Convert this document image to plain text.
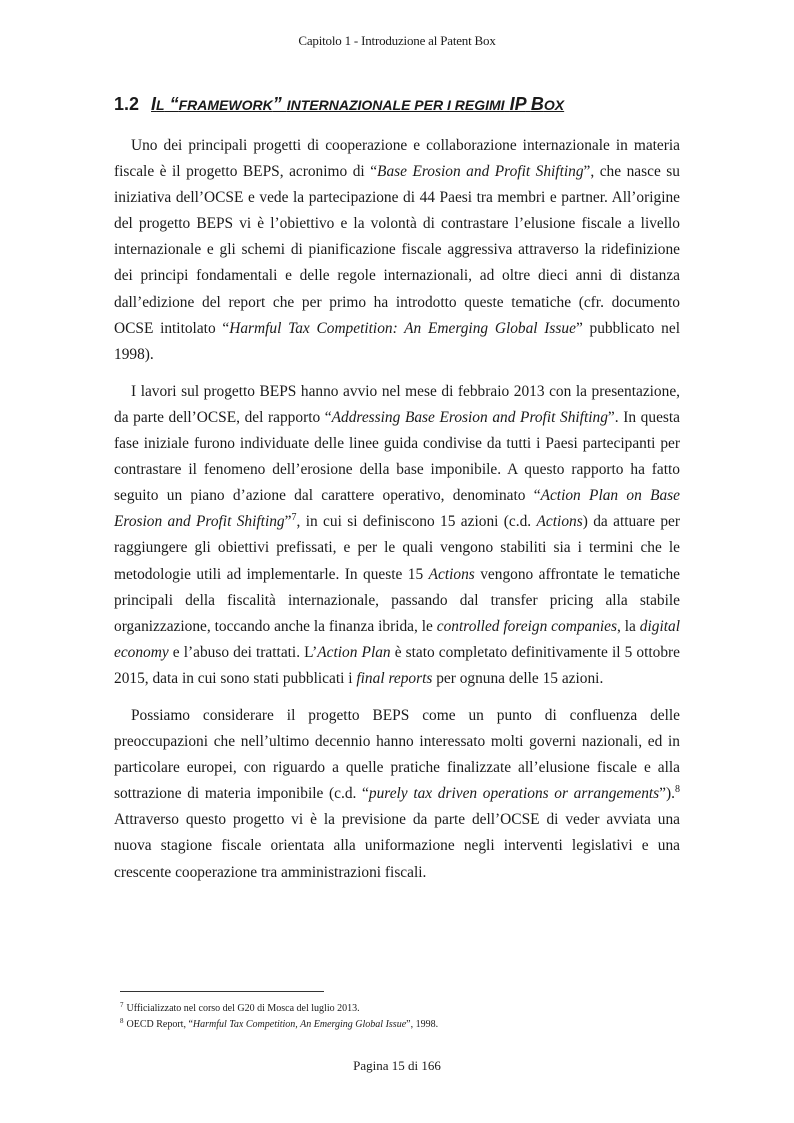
Capitolo 1 - Introduzione al Patent Box
1.2 IL “FRAMEWORK” INTERNAZIONALE PER I REGIMI IP BOX

Uno dei principali progetti di cooperazione e collaborazione internazionale in materia fiscale è il progetto BEPS, acronimo di “Base Erosion and Profit Shifting”, che nasce su iniziativa dell’OCSE e vede la partecipazione di 44 Paesi tra membri e partner. All’origine del progetto BEPS vi è l’obiettivo e la volontà di contrastare l’elusione fiscale a livello internazionale e gli schemi di pianificazione fiscale aggressiva attraverso la ridefinizione dei principi fondamentali e delle regole internazionali, ad oltre dieci anni di distanza dall’edizione del report che per primo ha introdotto queste tematiche (cfr. documento OCSE intitolato “Harmful Tax Competition: An Emerging Global Issue” pubblicato nel 1998).

I lavori sul progetto BEPS hanno avvio nel mese di febbraio 2013 con la presentazione, da parte dell’OCSE, del rapporto “Addressing Base Erosion and Profit Shifting”. In questa fase iniziale furono individuate delle linee guida condivise da tutti i Paesi partecipanti per contrastare il fenomeno dell’erosione della base imponibile. A questo rapporto ha fatto seguito un piano d’azione dal carattere operativo, denominato “Action Plan on Base Erosion and Profit Shifting”$^7$, in cui si definiscono 15 azioni (c.d. Actions) da attuare per raggiungere gli obiettivi prefissati, e per le quali vengono stabiliti sia i termini che le metodologie utili ad implementarle. In queste 15 Actions vengono affrontate le tematiche principali della fiscalità internazionale, passando dal transfer pricing alla stabile organizzazione, toccando anche la finanza ibrida, le controlled foreign companies, la digital economy e l’abuso dei trattati. L’Action Plan è stato completato definitivamente il 5 ottobre 2015, data in cui sono stati pubblicati i final reports per ognuna delle 15 azioni.

Possiamo considerare il progetto BEPS come un punto di confluenza delle preoccupazioni che nell’ultimo decennio hanno interessato molti governi nazionali, ed in particolare europei, con riguardo a quelle pratiche finalizzate all’elusione fiscale e alla sottrazione di materia imponibile (c.d. “purely tax driven operations or arrangements”).$^8$ Attraverso questo progetto vi è la previsione da parte dell’OCSE di veder avviata una nuova stagione fiscale orientata alla uniformazione negli interventi legislativi e una crescente cooperazione tra amministrazioni fiscali.

$^7$ Ufficializzato nel corso del G20 di Mosca del luglio 2013.

$^8$ OECD Report, “Harmful Tax Competition, An Emerging Global Issue”, 1998.

Pagina 15 di 166
